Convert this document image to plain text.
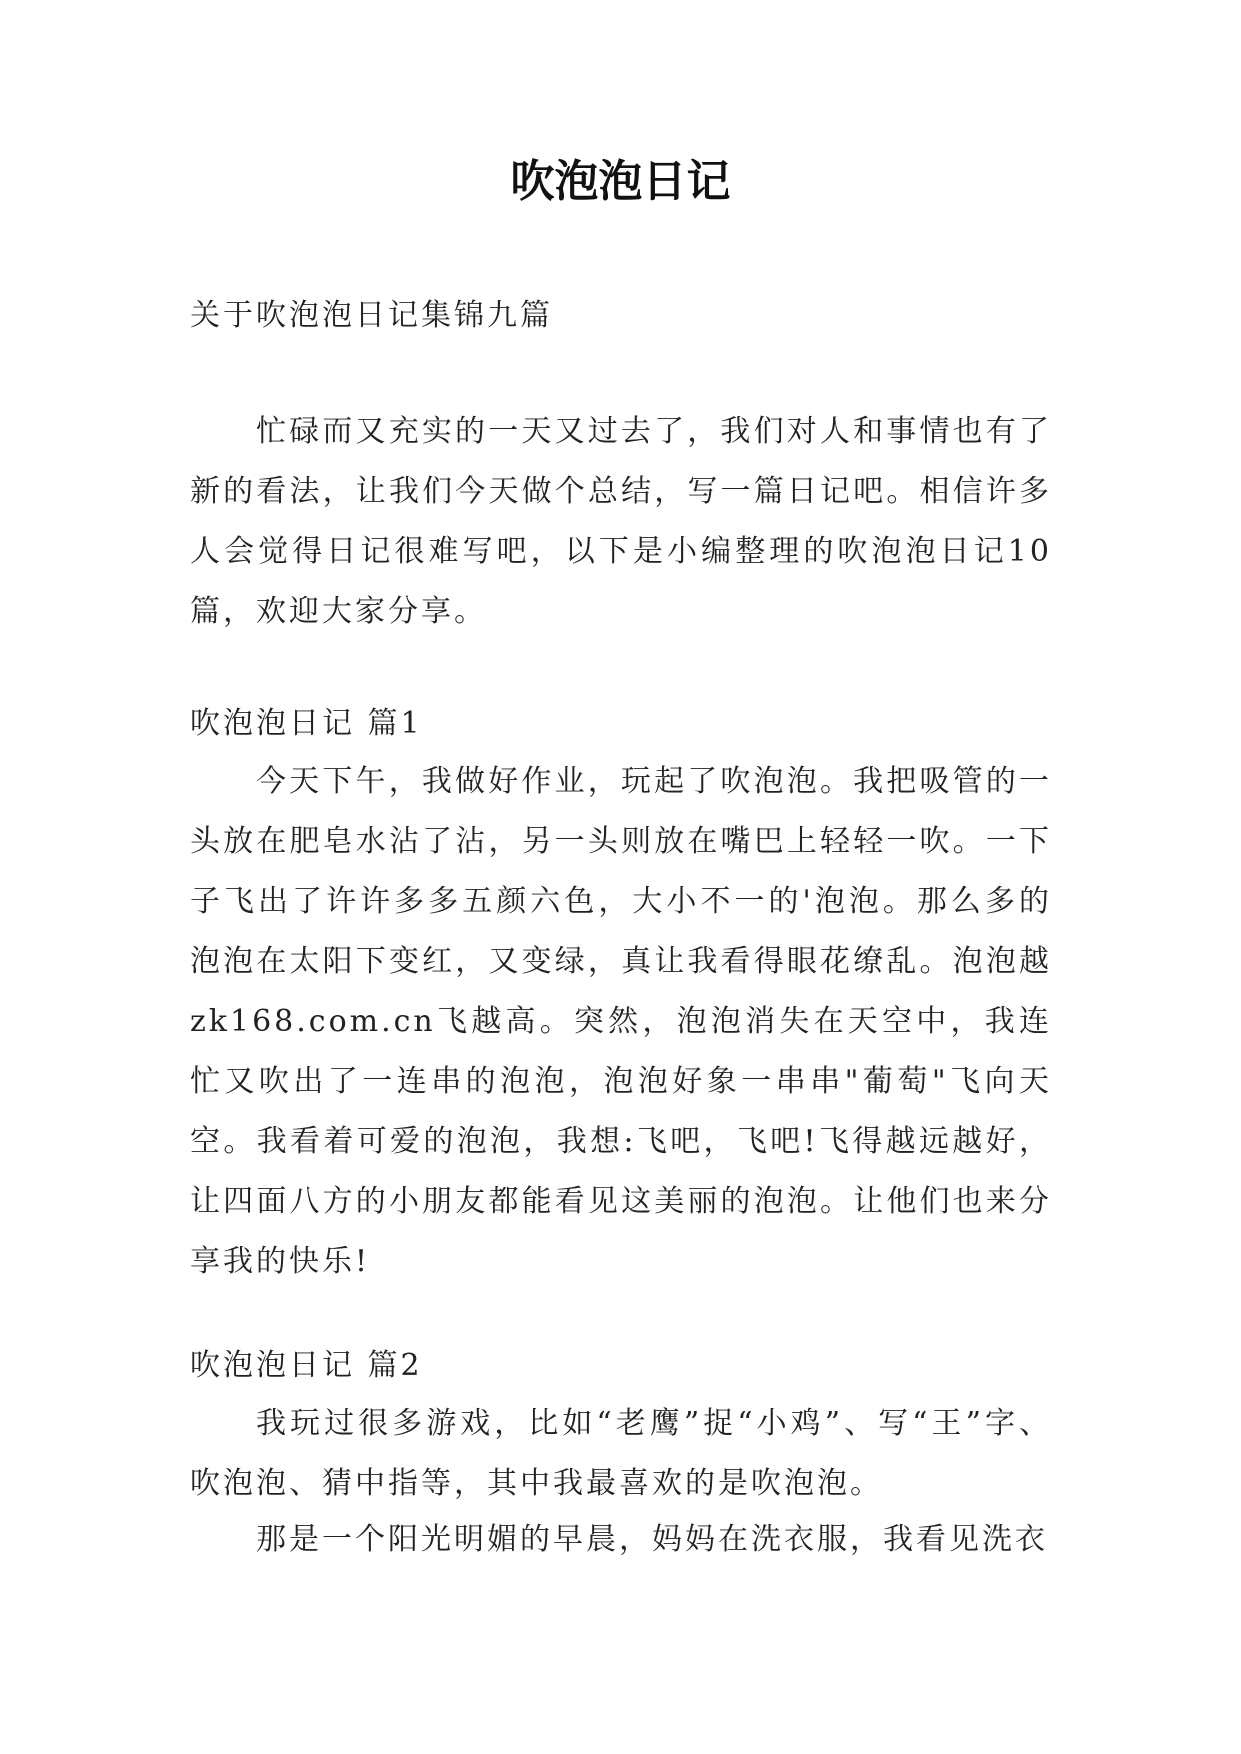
吹泡泡日记
关于吹泡泡日记集锦九篇
忙碌而又充实的一天又过去了，我们对人和事情也有了新的看法，让我们今天做个总结，写一篇日记吧。相信许多人会觉得日记很难写吧，以下是小编整理的吹泡泡日记10篇，欢迎大家分享。
吹泡泡日记 篇1
今天下午，我做好作业，玩起了吹泡泡。我把吸管的一头放在肥皂水沾了沾，另一头则放在嘴巴上轻轻一吹。一下子飞出了许许多多五颜六色，大小不一的'泡泡。那么多的泡泡在太阳下变红，又变绿，真让我看得眼花缭乱。泡泡越zk168.com.cn飞越高。突然，泡泡消失在天空中，我连忙又吹出了一连串的泡泡，泡泡好象一串串"葡萄"飞向天空。我看着可爱的泡泡，我想:飞吧，飞吧!飞得越远越好，让四面八方的小朋友都能看见这美丽的泡泡。让他们也来分享我的快乐!
吹泡泡日记 篇2
我玩过很多游戏，比如“老鹰”捉“小鸡”、写“王”字、吹泡泡、猜中指等，其中我最喜欢的是吹泡泡。
那是一个阳光明媚的早晨，妈妈在洗衣服，我看见洗衣
